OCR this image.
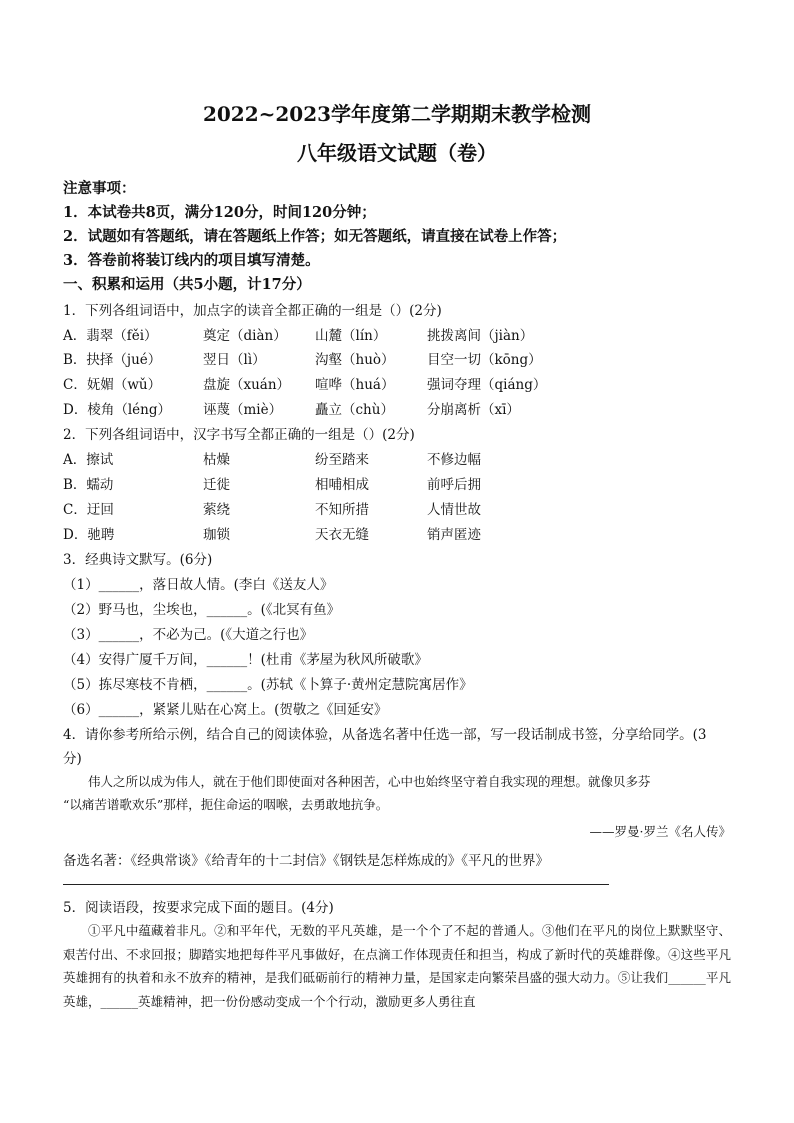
2022~2023学年度第二学期期末教学检测
八年级语文试题（卷）
注意事项：
1．本试卷共8页，满分120分，时间120分钟；
2．试题如有答题纸，请在答题纸上作答；如无答题纸，请直接在试卷上作答；
3．答卷前将装订线内的项目填写清楚。
一、积累和运用（共5小题，计17分）
1．下列各组词语中，加点字的读音全都正确的一组是（）(2分)
A．翡翠（fěi）	奠定（diàn） 山麓（lín）	挑拨离间（jiàn）
B．抉择（jué）	翌日（lì）	沟壑（huò） 目空一切（kōng）
C．妩媚（wǔ）	盘旋（xuán） 喧哗（huá） 强词夺理（qiáng）
D．棱角（léng） 诬蔑（miè） 矗立（chù） 分崩离析（xī）
2．下列各组词语中，汉字书写全都正确的一组是（）(2分)
A．擦试	枯燥	纷至踏来	不修边幅
B．蠕动	迁徙	相哺相成	前呼后拥
C．迂回	萦绕	不知所措	人情世故
D．驰聘	珈锁	天衣无缝	销声匿迹
3．经典诗文默写。(6分)
（1）______，落日故人情。(李白《送友人》
（2）野马也，尘埃也，______。(《北冥有鱼》
（3）______，不必为己。(《大道之行也》
（4）安得广厦千万间，______！(杜甫《茅屋为秋风所破歌》
（5）拣尽寒枝不肯栖，______。(苏轼《卜算子·黄州定慧院寓居作》
（6）______，紧紧儿贴在心窝上。(贺敬之《回延安》
4．请你参考所给示例，结合自己的阅读体验，从备选名著中任选一部，写一段话制成书签，分享给同学。(3
分)

伟人之所以成为伟人，就在于他们即使面对各种困苦，心中也始终坚守着自我实现的理想。就像贝多芬

“以痛苦谱歌欢乐”那样，扼住命运的咽喉，去勇敢地抗争。

——罗曼·罗兰《名人传》

备选名著：《经典常谈》《给青年的十二封信》《钢铁是怎样炼成的》《平凡的世界》
5．阅读语段，按要求完成下面的题目。(4分)

①平凡中蕴藏着非凡。②和平年代，无数的平凡英雄，是一个个了不起的普通人。③他们在平凡的岗位上默默坚守、艰苦付出、不求回报；脚踏实地把每件平凡事做好，在点滴工作体现责任和担当，构成了新时代的英雄群像。④这些平凡英雄拥有的执着和永不放弃的精神，是我们砥砺前行的精神力量，是国家走向繁荣昌盛的强大动力。⑤让我们______平凡英雄，______英雄精神，把一份份感动变成一个个行动，激励更多人勇往直
